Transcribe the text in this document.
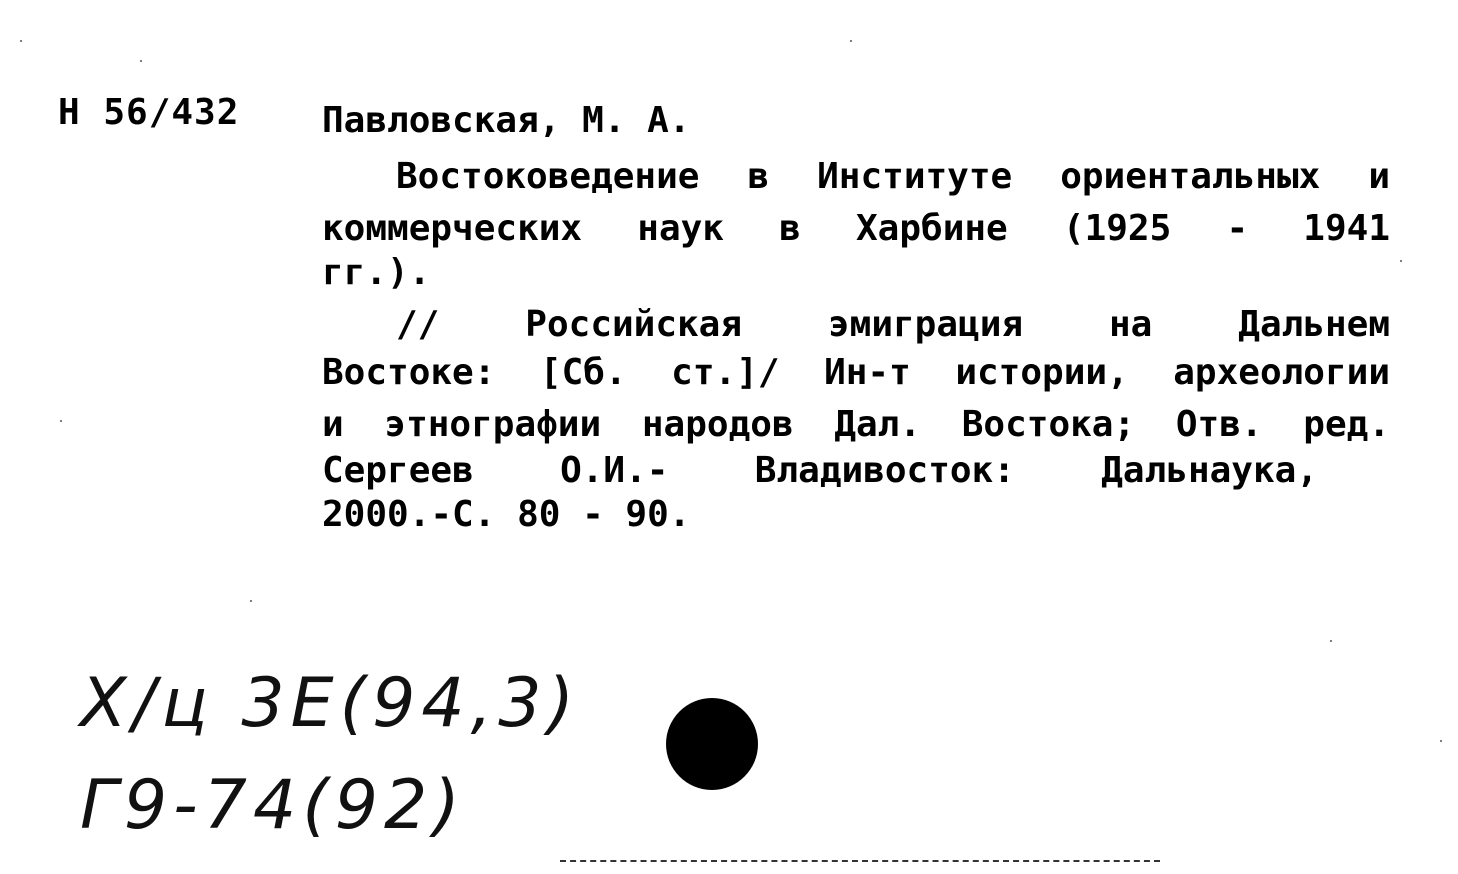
Н 56/432 Павловская, М. А.
Востоковедение в Институте ориентальных и
коммерческих наук в Харбине (1925 - 1941
гг.).
// Российская эмиграция на Дальнем
Востоке: [Сб. ст.]/ Ин-т истории, археологии
и этнографии народов Дал. Востока; Отв. ред.
Сергеев О.И.- Владивосток: Дальнаука,
2000.-С. 80 - 90.
Х/ц 3Е(94,3)
Г9-74(92)
